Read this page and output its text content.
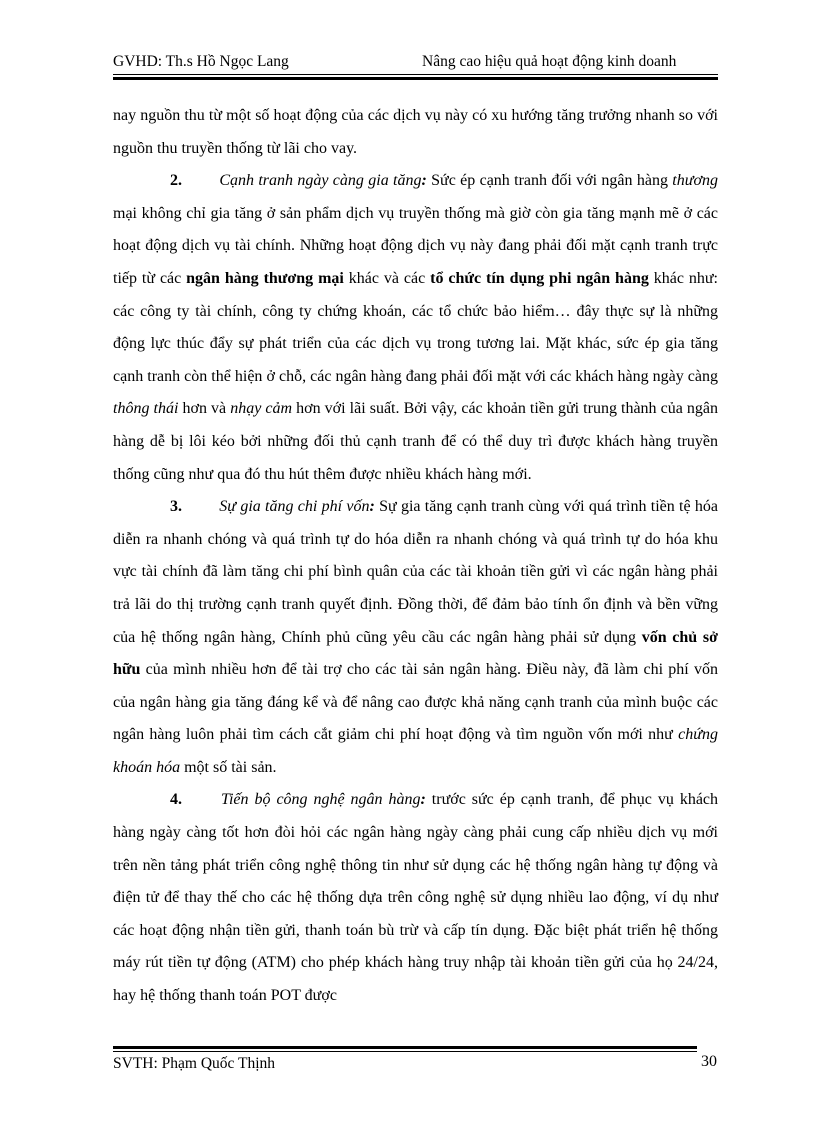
GVHD: Th.s Hồ Ngọc Lang	Nâng cao hiệu quả hoạt động kinh doanh

nay nguồn thu từ một số hoạt động của các dịch vụ này có xu hướng tăng trưởng nhanh so với nguồn thu truyền thống từ lãi cho vay.

2. Cạnh tranh ngày càng gia tăng: Sức ép cạnh tranh đối với ngân hàng thương mại không chỉ gia tăng ở sản phẩm dịch vụ truyền thống mà giờ còn gia tăng mạnh mẽ ở các hoạt động dịch vụ tài chính. Những hoạt động dịch vụ này đang phải đối mặt cạnh tranh trực tiếp từ các ngân hàng thương mại khác và các tổ chức tín dụng phi ngân hàng khác như: các công ty tài chính, công ty chứng khoán, các tổ chức bảo hiểm… đây thực sự là những động lực thúc đẩy sự phát triển của các dịch vụ trong tương lai. Mặt khác, sức ép gia tăng cạnh tranh còn thể hiện ở chỗ, các ngân hàng đang phải đối mặt với các khách hàng ngày càng thông thái hơn và nhạy cảm hơn với lãi suất. Bởi vậy, các khoản tiền gửi trung thành của ngân hàng dễ bị lôi kéo bởi những đối thủ cạnh tranh để có thể duy trì được khách hàng truyền thống cũng như qua đó thu hút thêm được nhiều khách hàng mới.

3. Sự gia tăng chi phí vốn: Sự gia tăng cạnh tranh cùng với quá trình tiền tệ hóa diễn ra nhanh chóng và quá trình tự do hóa diễn ra nhanh chóng và quá trình tự do hóa khu vực tài chính đã làm tăng chi phí bình quân của các tài khoản tiền gửi vì các ngân hàng phải trả lãi do thị trường cạnh tranh quyết định. Đồng thời, để đảm bảo tính ổn định và bền vững của hệ thống ngân hàng, Chính phủ cũng yêu cầu các ngân hàng phải sử dụng vốn chủ sở hữu của mình nhiều hơn để tài trợ cho các tài sản ngân hàng. Điều này, đã làm chi phí vốn của ngân hàng gia tăng đáng kể và để nâng cao được khả năng cạnh tranh của mình buộc các ngân hàng luôn phải tìm cách cắt giảm chi phí hoạt động và tìm nguồn vốn mới như chứng khoán hóa một số tài sản.

4. Tiến bộ công nghệ ngân hàng: trước sức ép cạnh tranh, để phục vụ khách hàng ngày càng tốt hơn đòi hỏi các ngân hàng ngày càng phải cung cấp nhiều dịch vụ mới trên nền tảng phát triển công nghệ thông tin như sử dụng các hệ thống ngân hàng tự động và điện tử để thay thế cho các hệ thống dựa trên công nghệ sử dụng nhiều lao động, ví dụ như các hoạt động nhận tiền gửi, thanh toán bù trừ và cấp tín dụng. Đặc biệt phát triển hệ thống máy rút tiền tự động (ATM) cho phép khách hàng truy nhập tài khoản tiền gửi của họ 24/24, hay hệ thống thanh toán POT được

SVTH: Phạm Quốc Thịnh	30
